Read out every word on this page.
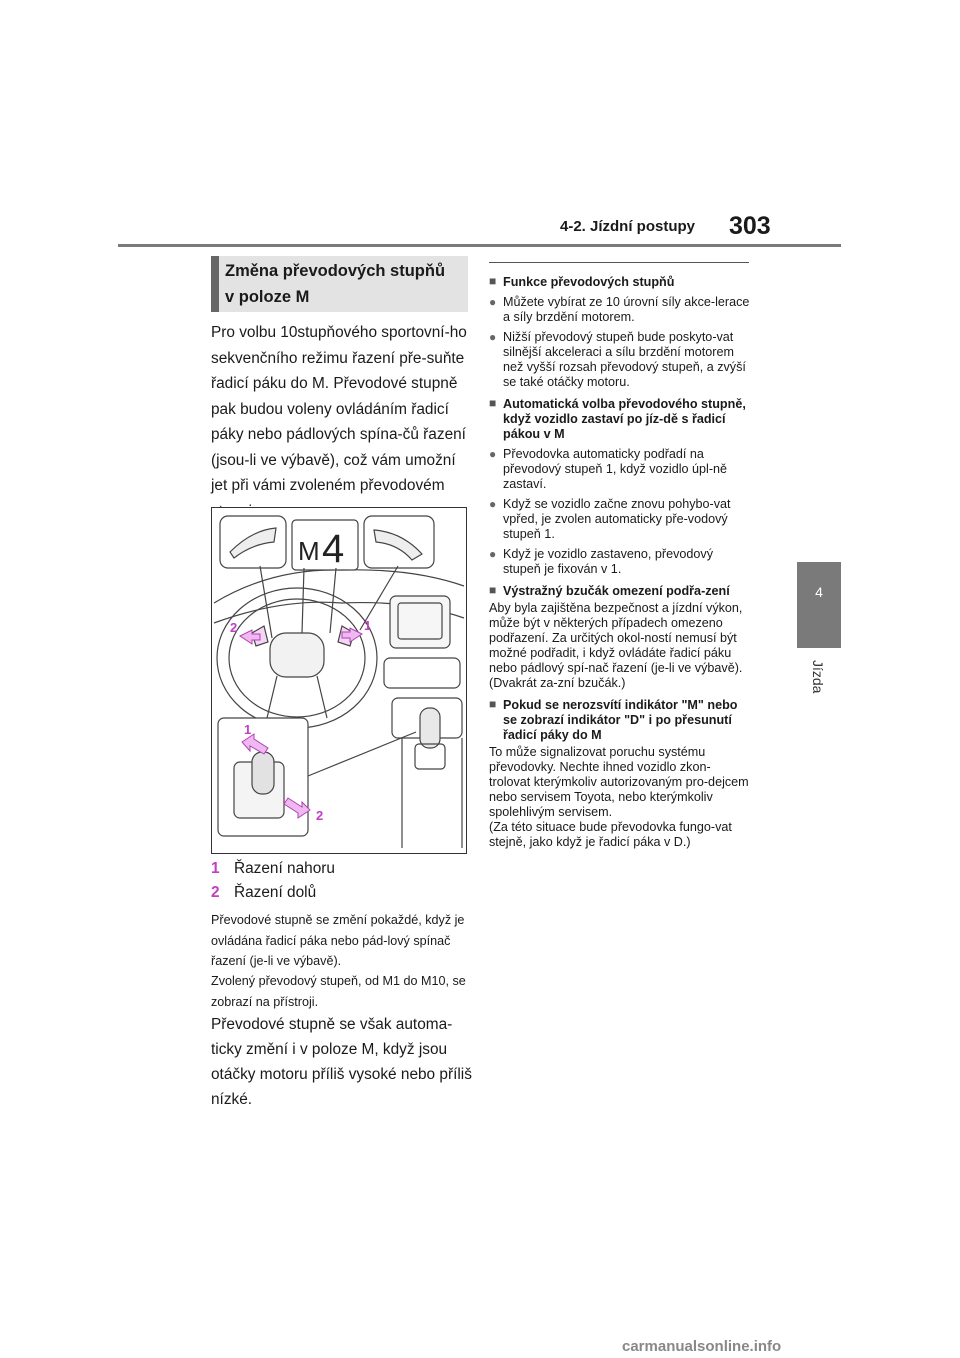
4-2. Jízdní postupy 303
4
Jízda
Změna převodových stupňů
v poloze M
Pro volbu 10stupňového sportovní-ho sekvenčního režimu řazení pře-suňte řadicí páku do M. Převodové stupně pak budou voleny ovládáním řadicí páky nebo pádlových spína-čů řazení (jsou-li ve výbavě), což vám umožní jet při vámi zvoleném převodovém
M 4
2	1
1
2
1 Řazení nahoru
2 Řazení dolů
Převodové stupně se změní pokaždé, když je ovládána řadicí páka nebo pád-lový spínač řazení (je-li ve výbavě).
Zvolený převodový stupeň, od M1 do M10, se zobrazí na přístroji.
Převodové stupně se však automa-ticky změní i v poloze M, když jsou otáčky motoru příliš vysoké nebo příliš nízké.
■ Funkce převodových stupňů
● Můžete vybírat ze 10 úrovní síly akce-lerace a síly brzdění motorem.
● Nižší převodový stupeň bude poskyto-vat silnější akceleraci a sílu brzdění motorem než vyšší rozsah převodový stupeň, a zvýší se také otáčky motoru.
■ Automatická volba převodového stupně, když vozidlo zastaví po jíz-dě s řadicí pákou v M
● Převodovka automaticky podřadí na převodový stupeň 1, když vozidlo úpl-ně zastaví.
● Když se vozidlo začne znovu pohybo-vat vpřed, je zvolen automaticky pře-vodový stupeň 1.
● Když je vozidlo zastaveno, převodový stupeň je fixován v 1.
■ Výstražný bzučák omezení podřa-zení
Aby byla zajištěna bezpečnost a jízdní výkon, může být v některých případech omezeno podřazení. Za určitých okol-ností nemusí být možné podřadit, i když ovládáte řadicí páku nebo pádlový spí-nač řazení (je-li ve výbavě). (Dvakrát za-zní bzučák.)
■ Pokud se nerozsvítí indikátor "M" nebo se zobrazí indikátor "D" i po přesunutí řadicí páky do M
To může signalizovat poruchu systému převodovky. Nechte ihned vozidlo zkon-trolovat kterýmkoliv autorizovaným pro-dejcem nebo servisem Toyota, nebo kterýmkoliv spolehlivým servisem.
(Za této situace bude převodovka fungo-vat stejně, jako když je řadicí páka v D.)
carmanualsonline.info
